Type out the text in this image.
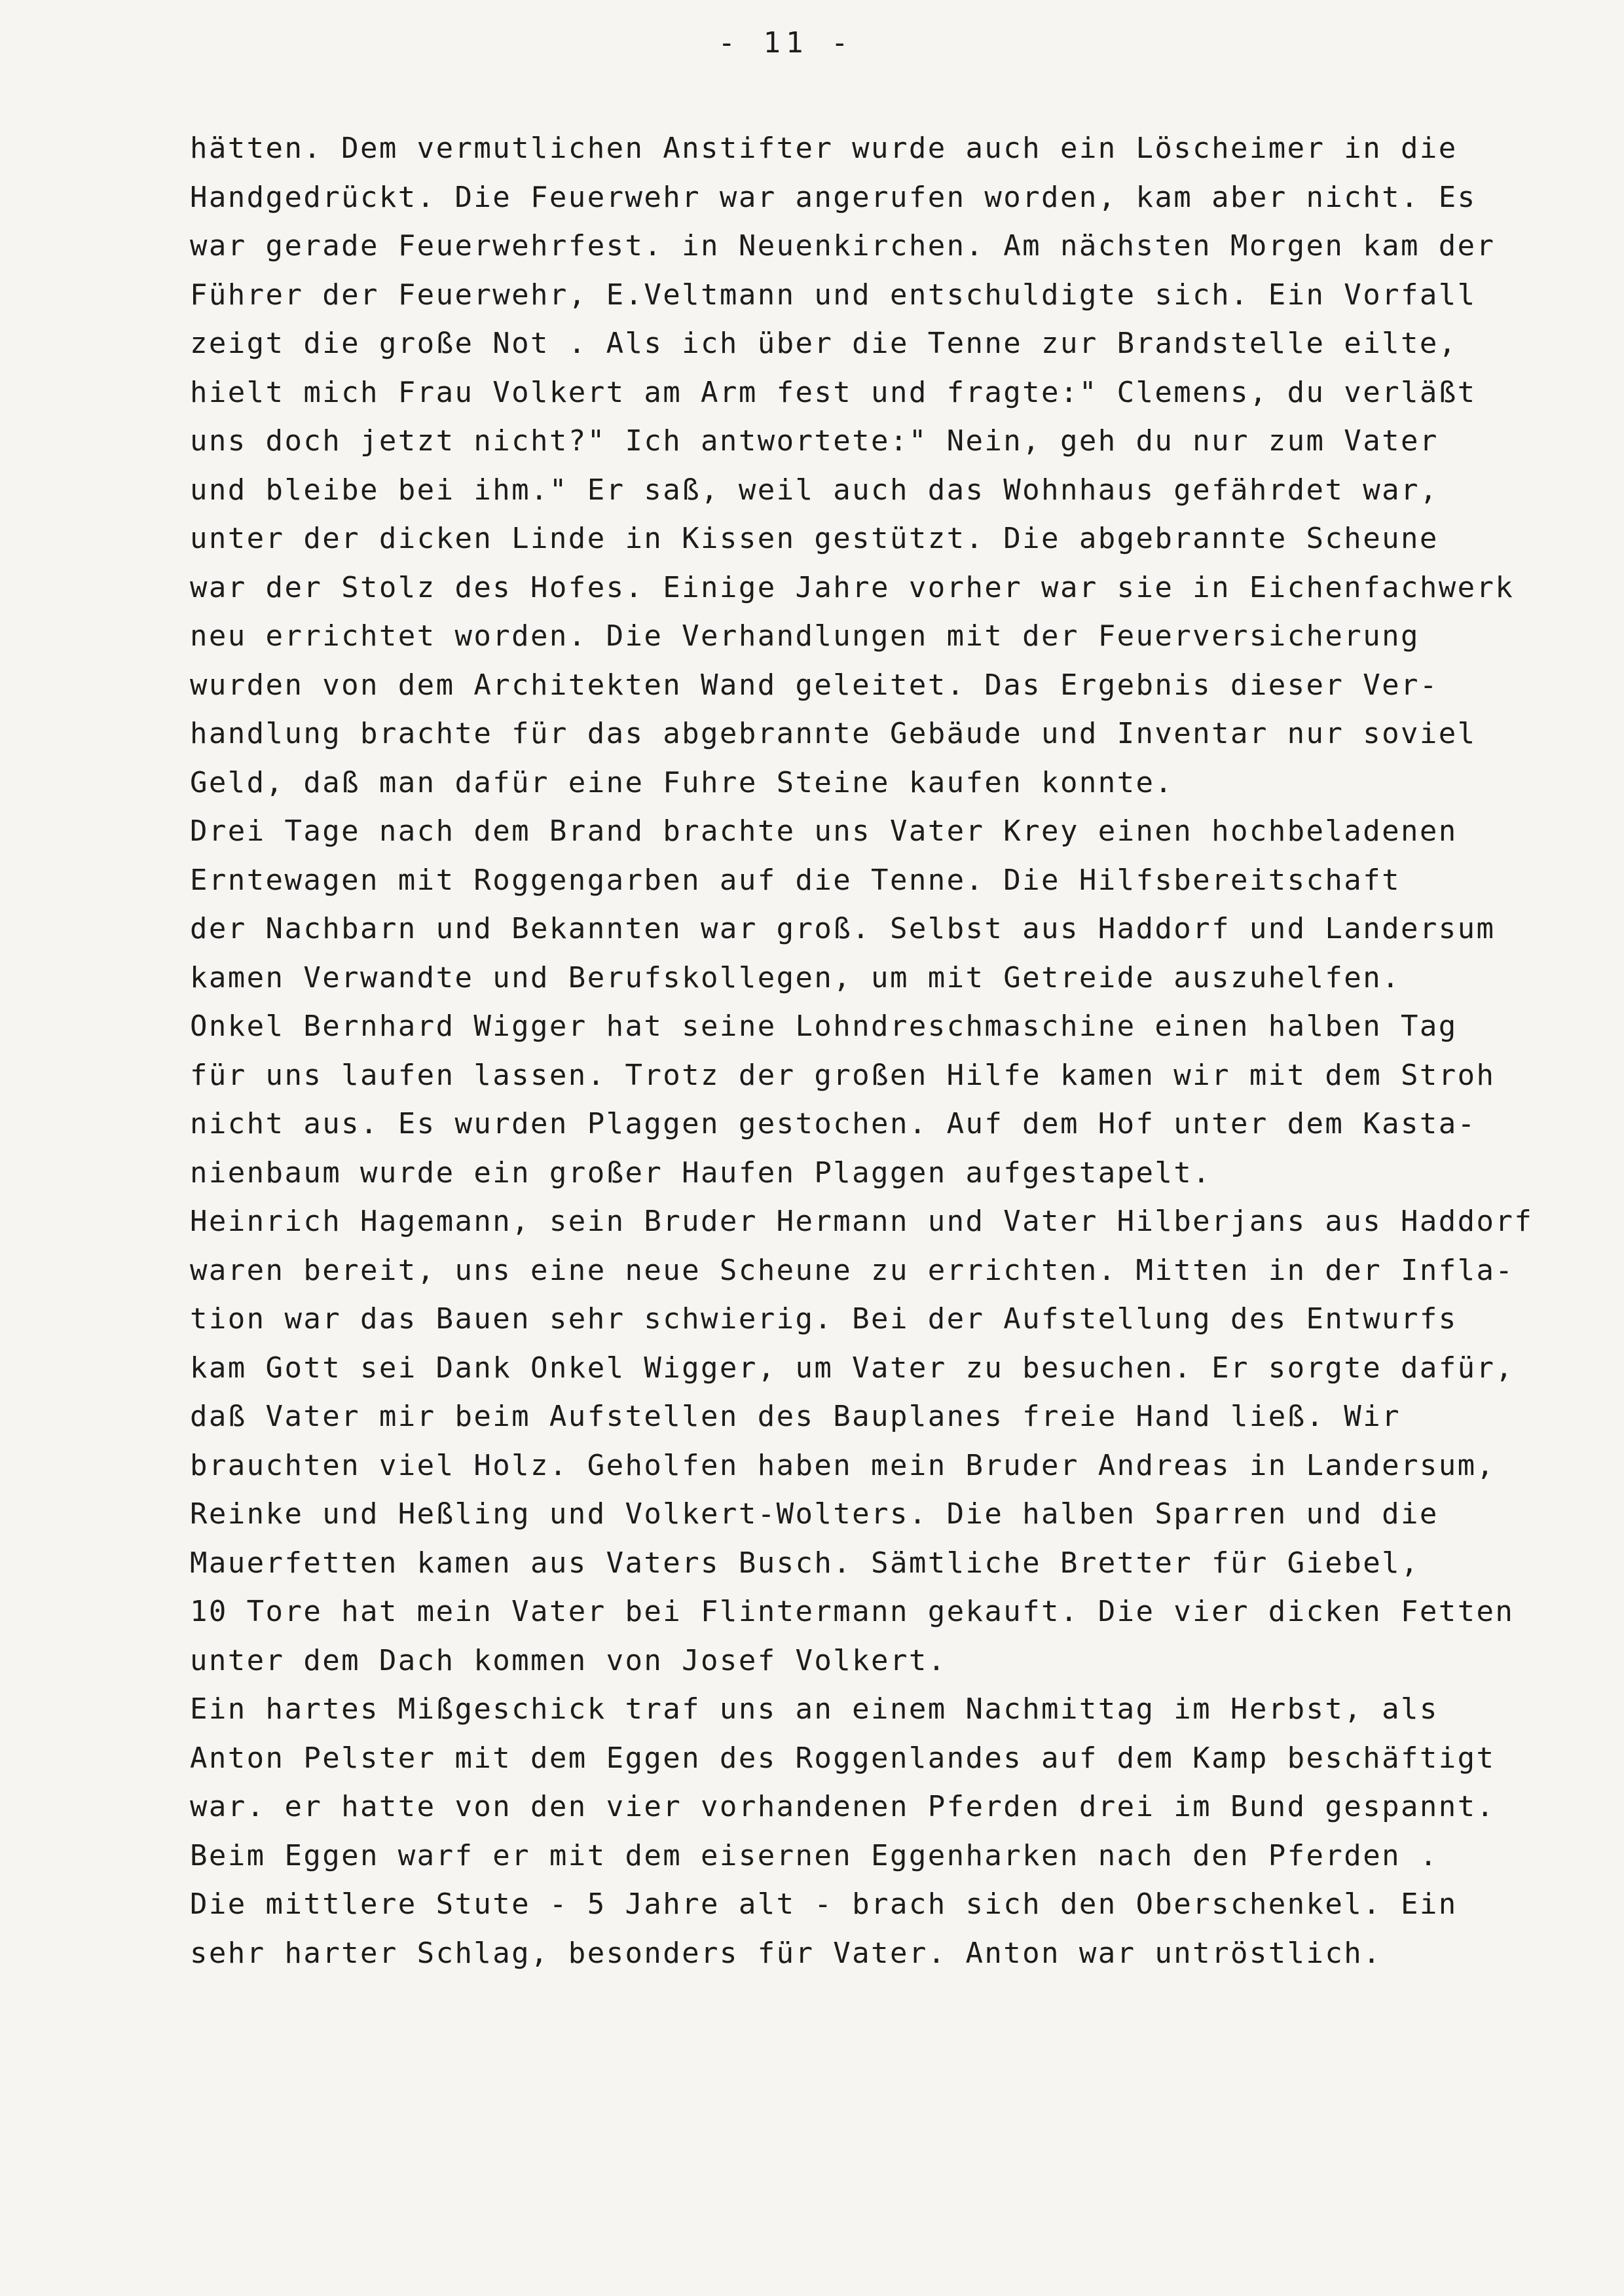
- 11 -
hätten. Dem vermutlichen Anstifter wurde auch ein Löscheimer in die
Handgedrückt. Die Feuerwehr war angerufen worden, kam aber nicht. Es
war gerade Feuerwehrfest. in Neuenkirchen. Am nächsten Morgen kam der
Führer der Feuerwehr, E.Veltmann und entschuldigte sich. Ein Vorfall
zeigt die große Not . Als ich über die Tenne zur Brandstelle eilte,
hielt mich Frau Volkert am Arm fest und fragte:" Clemens, du verläßt
uns doch jetzt nicht?" Ich antwortete:" Nein, geh du nur zum Vater
und bleibe bei ihm." Er saß, weil auch das Wohnhaus gefährdet war,
unter der dicken Linde in Kissen gestützt. Die abgebrannte Scheune
war der Stolz des Hofes. Einige Jahre vorher war sie in Eichenfachwerk
neu errichtet worden. Die Verhandlungen mit der Feuerversicherung
wurden von dem Architekten Wand geleitet. Das Ergebnis dieser Ver-
handlung brachte für das abgebrannte Gebäude und Inventar nur soviel
Geld, daß man dafür eine Fuhre Steine kaufen konnte.
Drei Tage nach dem Brand brachte uns Vater Krey einen hochbeladenen
Erntewagen mit Roggengarben auf die Tenne. Die Hilfsbereitschaft
der Nachbarn und Bekannten war groß. Selbst aus Haddorf und Landersum
kamen Verwandte und Berufskollegen, um mit Getreide auszuhelfen.
Onkel Bernhard Wigger hat seine Lohndreschmaschine einen halben Tag
für uns laufen lassen. Trotz der großen Hilfe kamen wir mit dem Stroh
nicht aus. Es wurden Plaggen gestochen. Auf dem Hof unter dem Kasta-
nienbaum wurde ein großer Haufen Plaggen aufgestapelt.
Heinrich Hagemann, sein Bruder Hermann und Vater Hilberjans aus Haddorf
waren bereit, uns eine neue Scheune zu errichten. Mitten in der Infla-
tion war das Bauen sehr schwierig. Bei der Aufstellung des Entwurfs
kam Gott sei Dank Onkel Wigger, um Vater zu besuchen. Er sorgte dafür,
daß Vater mir beim Aufstellen des Bauplanes freie Hand ließ. Wir
brauchten viel Holz. Geholfen haben mein Bruder Andreas in Landersum,
Reinke und Heßling und Volkert-Wolters. Die halben Sparren und die
Mauerfetten kamen aus Vaters Busch. Sämtliche Bretter für Giebel,
10 Tore hat mein Vater bei Flintermann gekauft. Die vier dicken Fetten
unter dem Dach kommen von Josef Volkert.
Ein hartes Mißgeschick traf uns an einem Nachmittag im Herbst, als
Anton Pelster mit dem Eggen des Roggenlandes auf dem Kamp beschäftigt
war. er hatte von den vier vorhandenen Pferden drei im Bund gespannt.
Beim Eggen warf er mit dem eisernen Eggenharken nach den Pferden .
Die mittlere Stute - 5 Jahre alt - brach sich den Oberschenkel. Ein
sehr harter Schlag, besonders für Vater. Anton war untröstlich.
